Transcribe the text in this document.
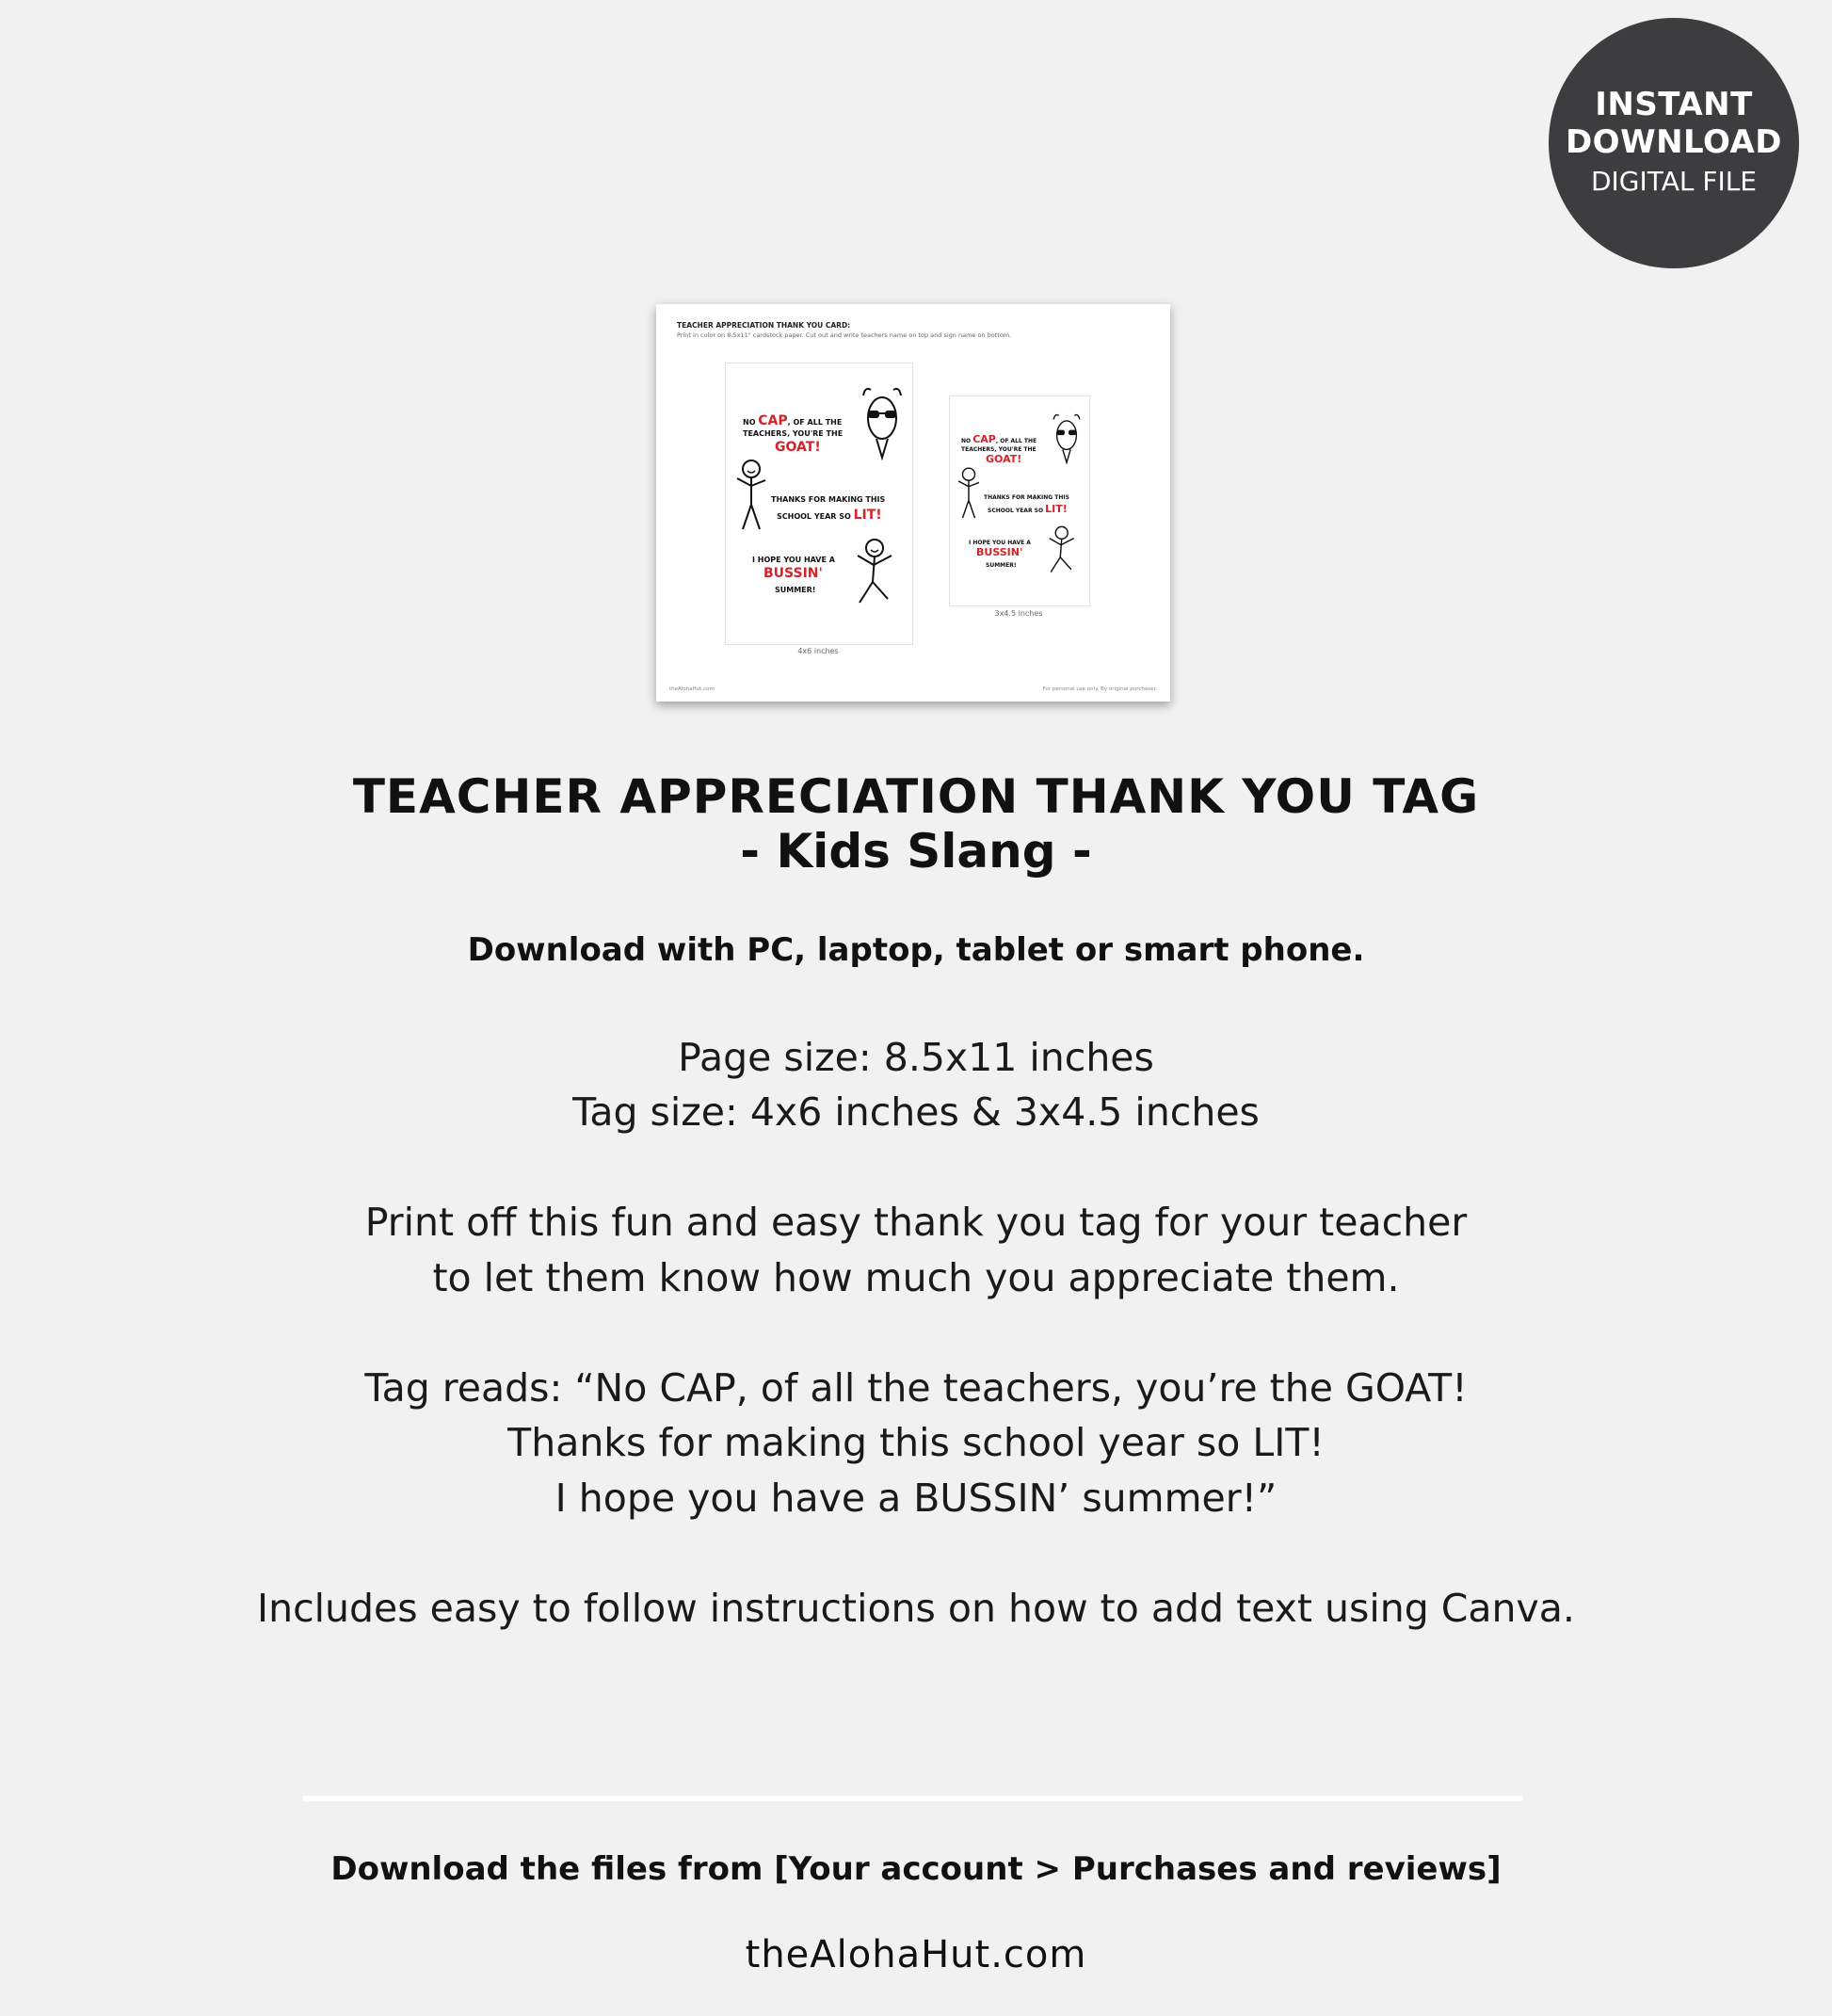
INSTANT
DOWNLOAD
DIGITAL FILE
TEACHER APPRECIATION THANK YOU CARD:
Print in color on 8.5x11" cardstock paper. Cut out and write teachers name on top and sign name on bottom.
NO CAP, OF ALL THE
TEACHERS, YOU'RE THE
GOAT!
THANKS FOR MAKING THIS
SCHOOL YEAR SO LIT!
I HOPE YOU HAVE A
BUSSIN'
SUMMER!
4x6 inches
NO CAP, OF ALL THE
TEACHERS, YOU'RE THE
GOAT!
THANKS FOR MAKING THIS
SCHOOL YEAR SO LIT!
I HOPE YOU HAVE A
BUSSIN'
SUMMER!
3x4.5 inches
theAlohaHut.com	For personal use only. By original purchaser.
TEACHER APPRECIATION THANK YOU TAG
- Kids Slang -
Download with PC, laptop, tablet or smart phone.
Page size: 8.5x11 inches
Tag size: 4x6 inches & 3x4.5 inches
Print off this fun and easy thank you tag for your teacher
to let them know how much you appreciate them.
Tag reads: “No CAP, of all the teachers, you’re the GOAT!
Thanks for making this school year so LIT!
I hope you have a BUSSIN’ summer!”
Includes easy to follow instructions on how to add text using Canva.
Download the files from [Your account > Purchases and reviews]
theAlohaHut.com
